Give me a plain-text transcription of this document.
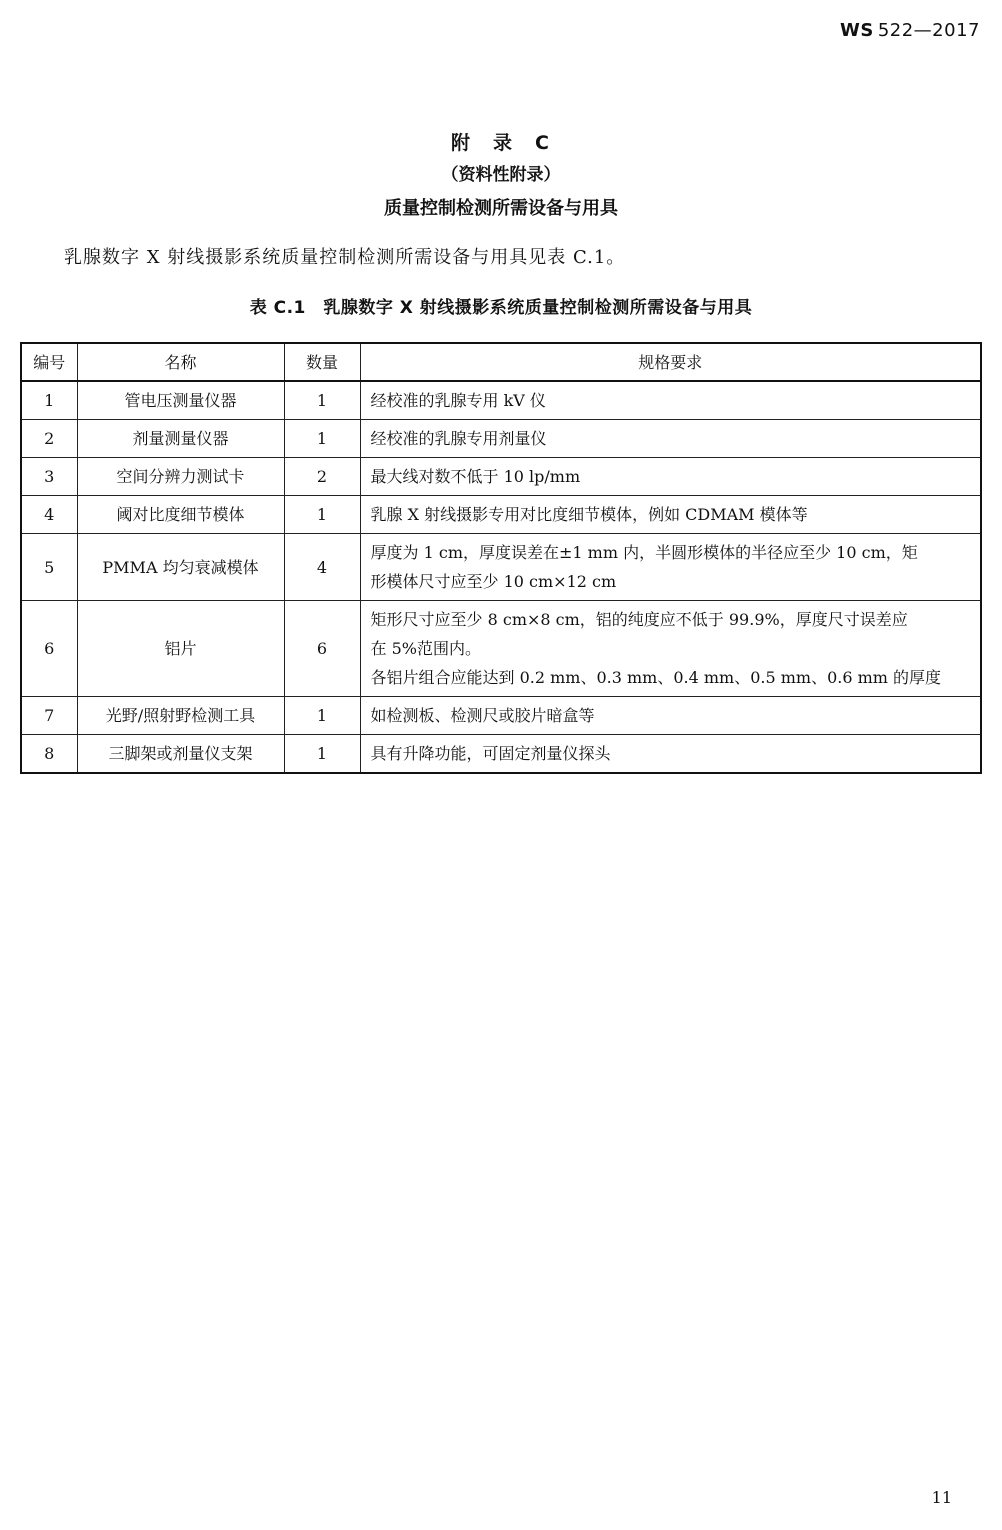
WS 522—2017
附　录　C
（资料性附录）
质量控制检测所需设备与用具
乳腺数字 X 射线摄影系统质量控制检测所需设备与用具见表 C.1。
表 C.1　乳腺数字 X 射线摄影系统质量控制检测所需设备与用具
编号	名称	数量	规格要求
1	管电压测量仪器	1	经校准的乳腺专用 kV 仪

2	剂量测量仪器	1	经校准的乳腺专用剂量仪

3	空间分辨力测试卡	2	最大线对数不低于 10 lp/mm

4	阈对比度细节模体	1	乳腺 X 射线摄影专用对比度细节模体，例如 CDMAM 模体等

5	PMMA 均匀衰减模体	4	厚度为 1 cm，厚度误差在±1 mm 内，半圆形模体的半径应至少 10 cm，矩
形模体尺寸应至少 10 cm×12 cm

6	铝片	6	矩形尺寸应至少 8 cm×8 cm，铝的纯度应不低于 99.9%，厚度尺寸误差应
在 5%范围内。
各铝片组合应能达到 0.2 mm、0.3 mm、0.4 mm、0.5 mm、0.6 mm 的厚度

7	光野/照射野检测工具	1	如检测板、检测尺或胶片暗盒等

8	三脚架或剂量仪支架	1	具有升降功能，可固定剂量仪探头
11
